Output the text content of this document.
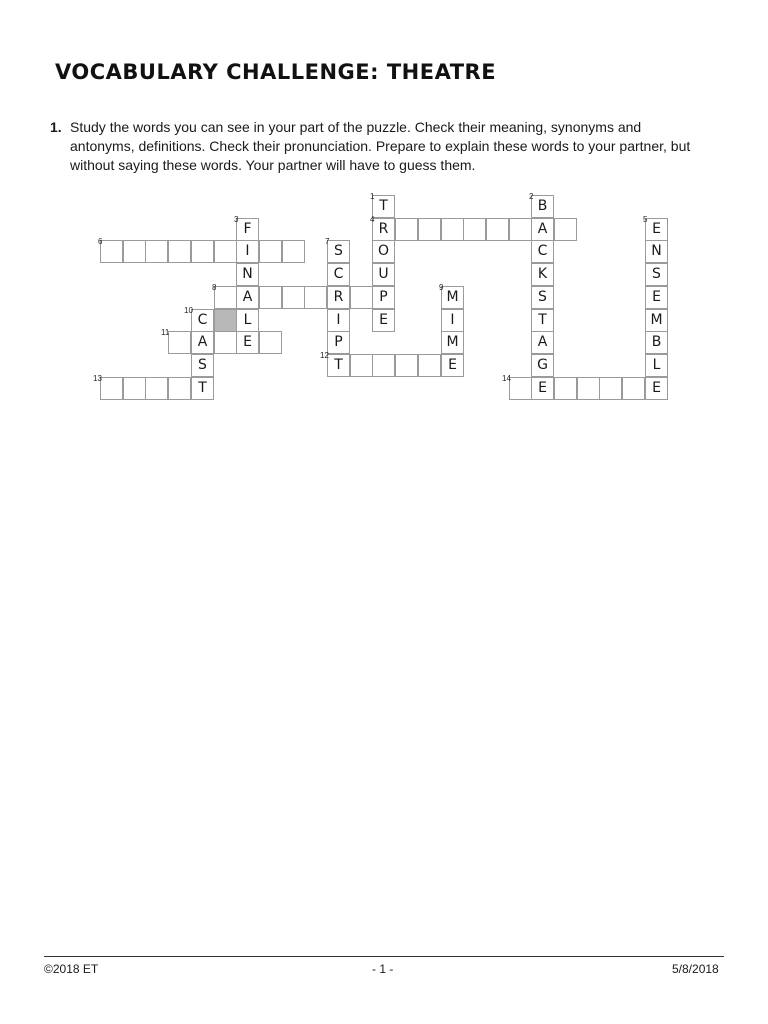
VOCABULARY CHALLENGE: THEATRE
1. Study the words you can see in your part of the puzzle. Check their meaning, synonyms and antonyms, definitions. Check their pronunciation. Prepare to explain these words to your partner, but without saying these words. Your partner will have to guess them.
T
1
B
2
F
3
R
4
A	E
5
6
I	S
7
O	C	N
N	C	U	K	S
8
A	R	P	M
9
S	E
C
10
L	I	E	I	T	M
11
A	E	P	M	A	B
S	T
12
E	G	L
13
T
14
E	E
©2018 ET	- 1 -	5/8/2018
